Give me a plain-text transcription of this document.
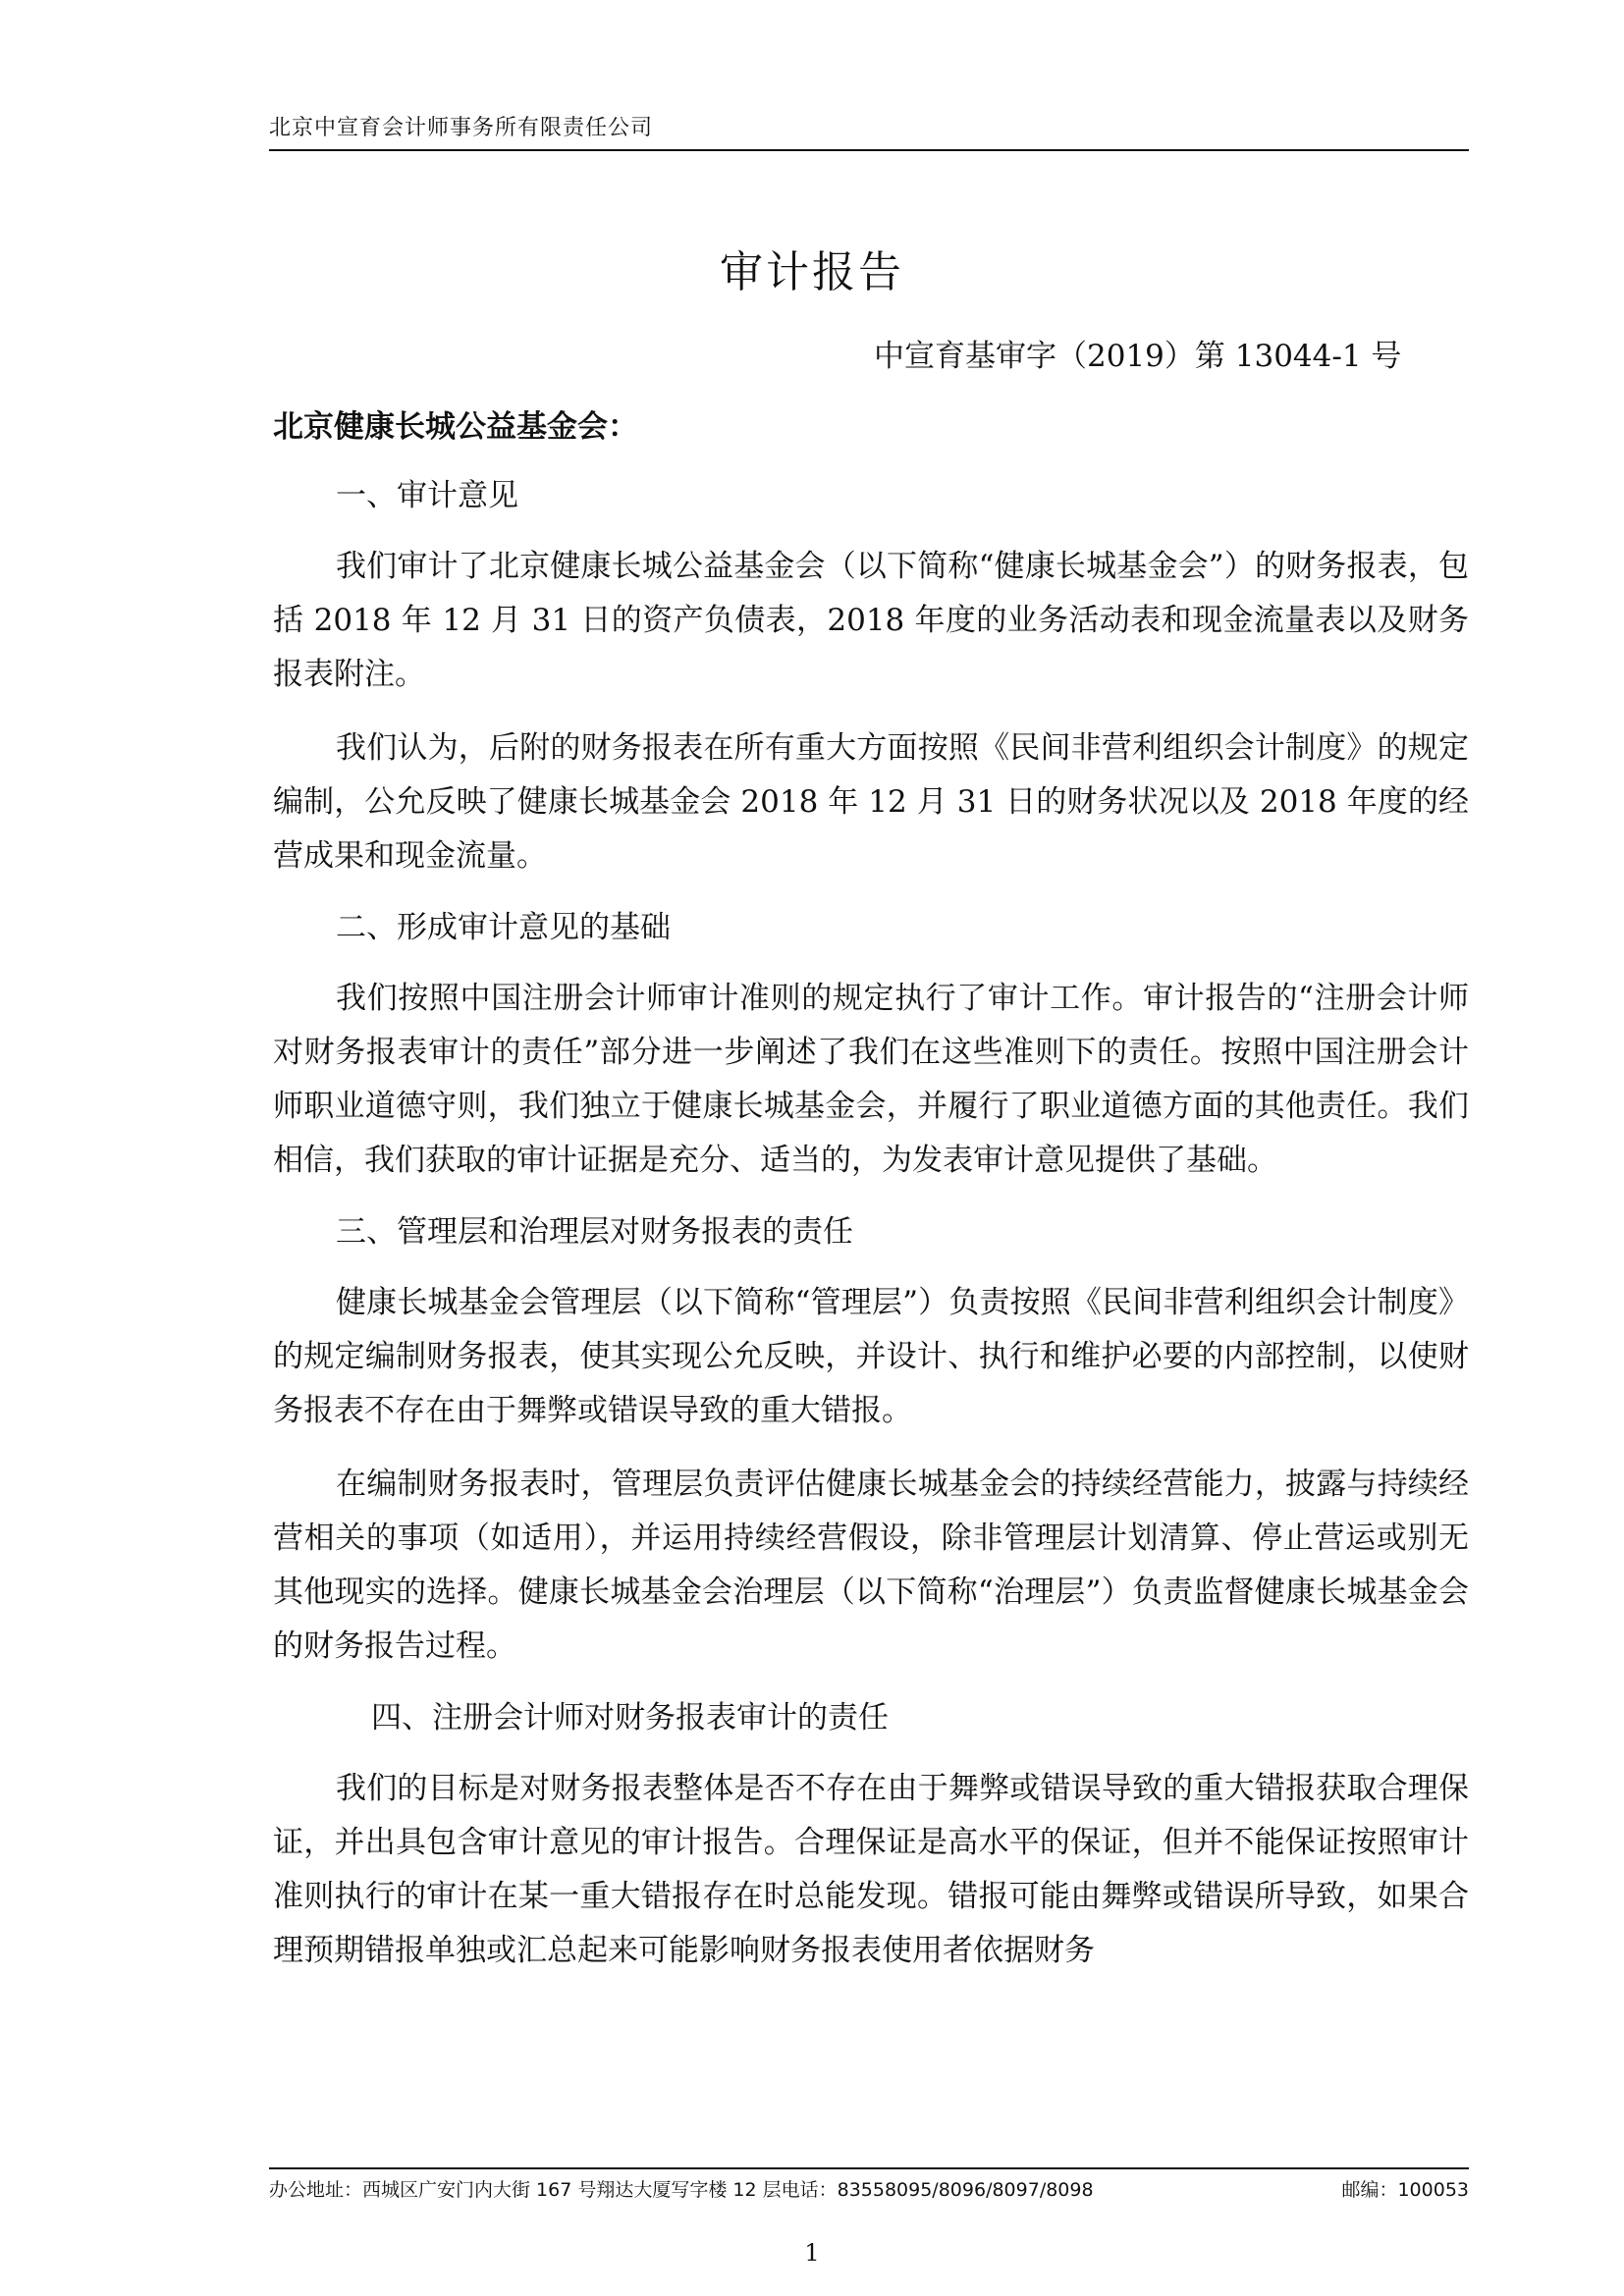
北京中宣育会计师事务所有限责任公司
审计报告
中宣育基审字（2019）第 13044-1 号

北京健康长城公益基金会：

一、审计意见

我们审计了北京健康长城公益基金会（以下简称“健康长城基金会”）的财务报表，包括 2018 年 12 月 31 日的资产负债表，2018 年度的业务活动表和现金流量表以及财务报表附注。

我们认为，后附的财务报表在所有重大方面按照《民间非营利组织会计制度》的规定编制，公允反映了健康长城基金会 2018 年 12 月 31 日的财务状况以及 2018 年度的经营成果和现金流量。

二、形成审计意见的基础

我们按照中国注册会计师审计准则的规定执行了审计工作。审计报告的“注册会计师对财务报表审计的责任”部分进一步阐述了我们在这些准则下的责任。按照中国注册会计师职业道德守则，我们独立于健康长城基金会，并履行了职业道德方面的其他责任。我们相信，我们获取的审计证据是充分、适当的，为发表审计意见提供了基础。

三、管理层和治理层对财务报表的责任

健康长城基金会管理层（以下简称“管理层”）负责按照《民间非营利组织会计制度》的规定编制财务报表，使其实现公允反映，并设计、执行和维护必要的内部控制，以使财务报表不存在由于舞弊或错误导致的重大错报。

在编制财务报表时，管理层负责评估健康长城基金会的持续经营能力，披露与持续经营相关的事项（如适用），并运用持续经营假设，除非管理层计划清算、停止营运或别无其他现实的选择。健康长城基金会治理层（以下简称“治理层”）负责监督健康长城基金会的财务报告过程。

四、注册会计师对财务报表审计的责任

我们的目标是对财务报表整体是否不存在由于舞弊或错误导致的重大错报获取合理保证，并出具包含审计意见的审计报告。合理保证是高水平的保证，但并不能保证按照审计准则执行的审计在某一重大错报存在时总能发现。错报可能由舞弊或错误所导致，如果合理预期错报单独或汇总起来可能影响财务报表使用者依据财务

办公地址：西城区广安门内大街 167 号翔达大厦写字楼 12 层电话：83558095/8096/8097/8098	邮编：100053
1
